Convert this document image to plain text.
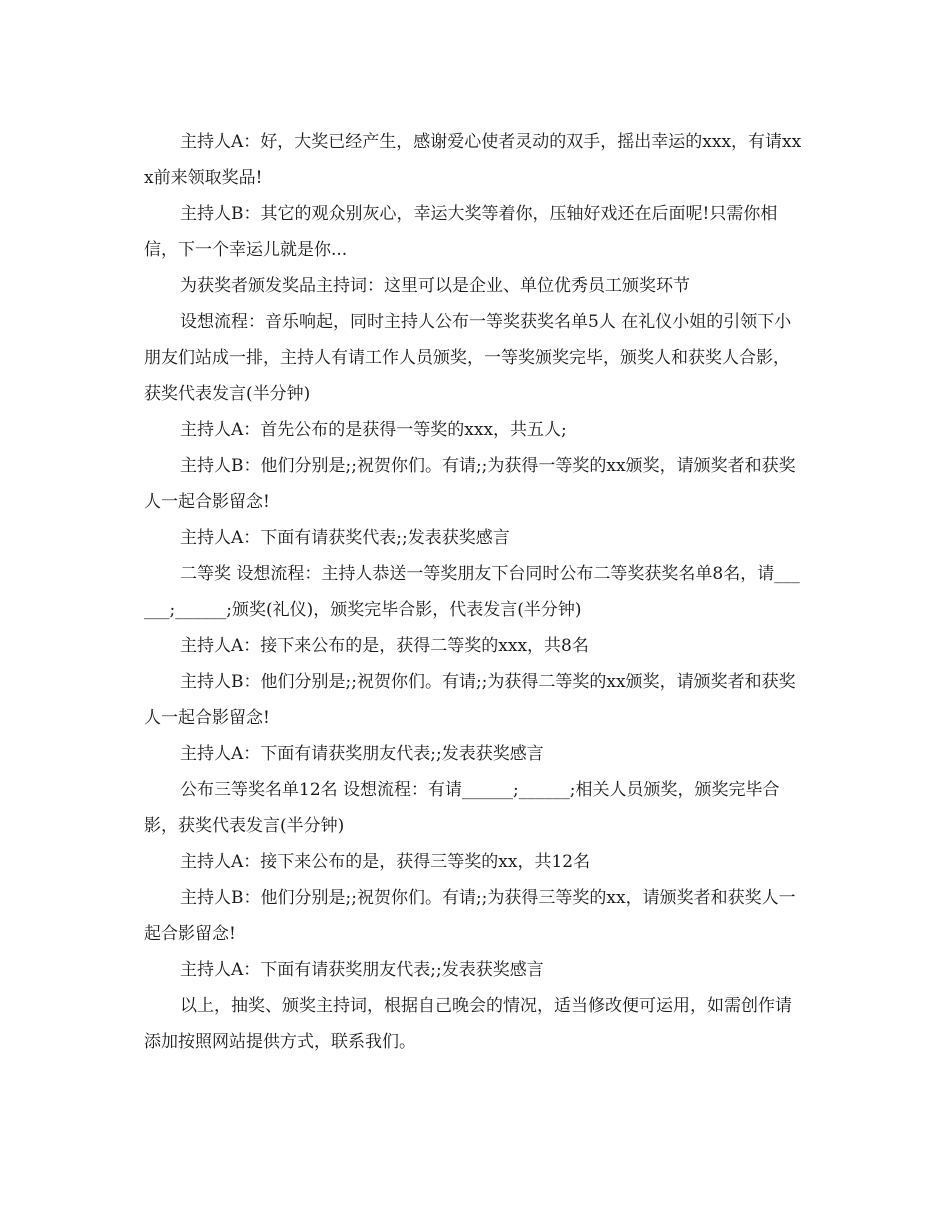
主持人A：好，大奖已经产生，感谢爱心使者灵动的双手，摇出幸运的xxx，有请xxx前来领取奖品!

主持人B：其它的观众别灰心，幸运大奖等着你，压轴好戏还在后面呢!只需你相信，下一个幸运儿就是你...

为获奖者颁发奖品主持词：这里可以是企业、单位优秀员工颁奖环节

设想流程：音乐响起，同时主持人公布一等奖获奖名单5人 在礼仪小姐的引领下小朋友们站成一排，主持人有请工作人员颁奖，一等奖颁奖完毕，颁奖人和获奖人合影，获奖代表发言(半分钟)

主持人A：首先公布的是获得一等奖的xxx，共五人;

主持人B：他们分别是;;祝贺你们。有请;;为获得一等奖的xx颁奖，请颁奖者和获奖人一起合影留念!

主持人A：下面有请获奖代表;;发表获奖感言

二等奖 设想流程：主持人恭送一等奖朋友下台同时公布二等奖获奖名单8名，请______;______;颁奖(礼仪)，颁奖完毕合影，代表发言(半分钟)

主持人A：接下来公布的是，获得二等奖的xxx，共8名

主持人B：他们分别是;;祝贺你们。有请;;为获得二等奖的xx颁奖，请颁奖者和获奖人一起合影留念!

主持人A：下面有请获奖朋友代表;;发表获奖感言

公布三等奖名单12名 设想流程：有请______;______;相关人员颁奖，颁奖完毕合影，获奖代表发言(半分钟)

主持人A：接下来公布的是，获得三等奖的xx，共12名

主持人B：他们分别是;;祝贺你们。有请;;为获得三等奖的xx，请颁奖者和获奖人一起合影留念!

主持人A：下面有请获奖朋友代表;;发表获奖感言

以上，抽奖、颁奖主持词，根据自己晚会的情况，适当修改便可运用，如需创作请添加按照网站提供方式，联系我们。
